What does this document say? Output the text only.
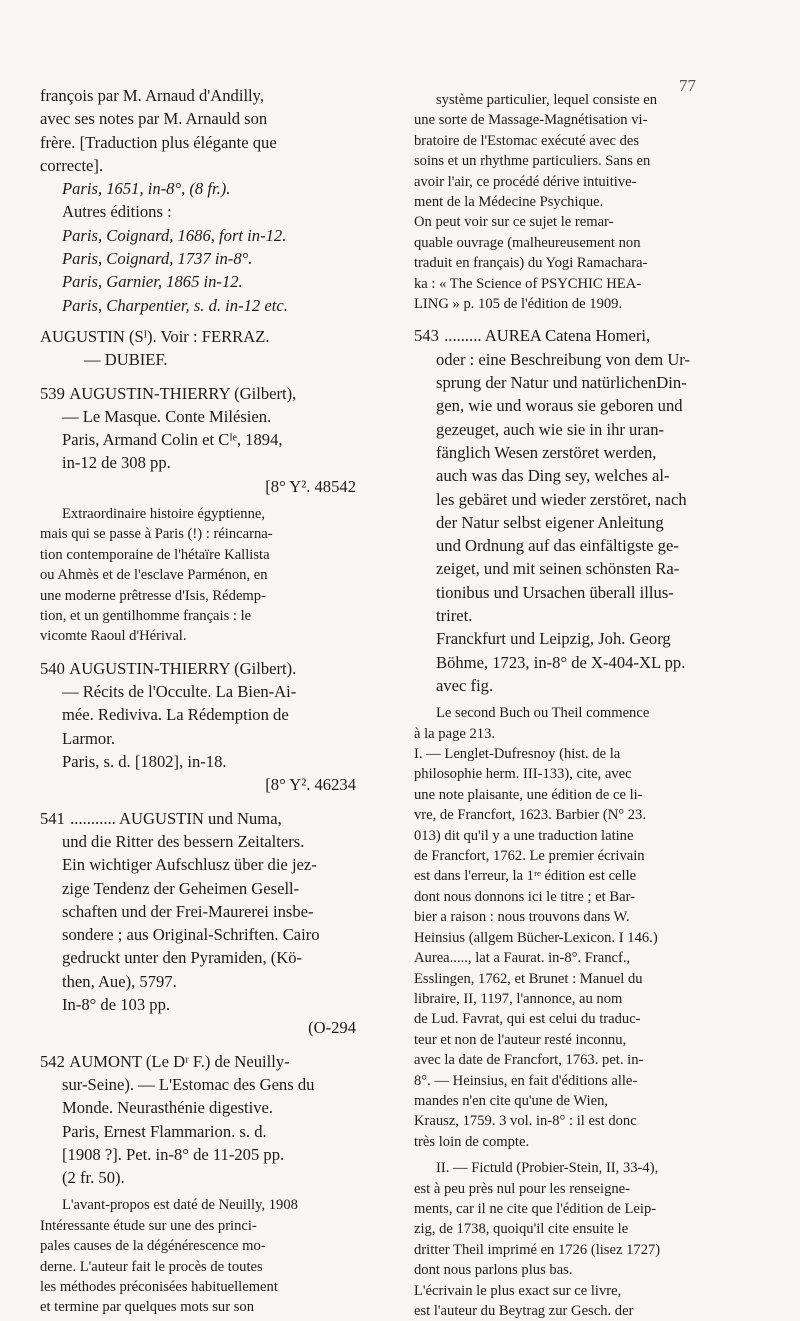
77

françois par M. Arnaud d'Andilly,

avec ses notes par M. Arnauld son

frère. [Traduction plus élégante que

correcte].

Paris, 1651, in-8°, (8 fr.).

Autres éditions :

Paris, Coignard, 1686, fort in-12.

Paris, Coignard, 1737 in-8°.

Paris, Garnier, 1865 in-12.

Paris, Charpentier, s. d. in-12 etc.

AUGUSTIN (Sᴵ). Voir : FERRAZ.

— DUBIEF.

539 AUGUSTIN-THIERRY (Gilbert),

— Le Masque. Conte Milésien.

Paris, Armand Colin et Cᴵᵉ, 1894,

in-12 de 308 pp.

[8° Y². 48542

Extraordinaire histoire égyptienne,

mais qui se passe à Paris (!) : réincarna-

tion contemporaine de l'hétaïre Kallista

ou Ahmès et de l'esclave Parménon, en

une moderne prêtresse d'Isis, Rédemp-

tion, et un gentilhomme français : le

vicomte Raoul d'Hérival.

540 AUGUSTIN-THIERRY (Gilbert).

— Récits de l'Occulte. La Bien-Ai-

mée. Rediviva. La Rédemption de

Larmor.

Paris, s. d. [1802], in-18.

[8° Y². 46234

541 ........... AUGUSTIN und Numa,

und die Ritter des bessern Zeitalters.

Ein wichtiger Aufschlusz über die jez-

zige Tendenz der Geheimen Gesell-

schaften und der Frei-Maurerei insbe-

sondere ; aus Original-Schriften. Cairo

gedruckt unter den Pyramiden, (Kö-

then, Aue), 5797.

In-8° de 103 pp.

(O-294

542 AUMONT (Le Dʳ F.) de Neuilly-

sur-Seine). — L'Estomac des Gens du

Monde. Neurasthénie digestive.

Paris, Ernest Flammarion. s. d.

[1908 ?]. Pet. in-8° de 11-205 pp.

(2 fr. 50).

L'avant-propos est daté de Neuilly, 1908

Intéressante étude sur une des princi-

pales causes de la dégénérescence mo-

derne. L'auteur fait le procès de toutes

les méthodes préconisées habituellement

et termine par quelques mots sur son

système particulier, lequel consiste en

une sorte de Massage-Magnétisation vi-

bratoire de l'Estomac exécuté avec des

soins et un rhythme particuliers. Sans en

avoir l'air, ce procédé dérive intuitive-

ment de la Médecine Psychique.

On peut voir sur ce sujet le remar-

quable ouvrage (malheureusement non

traduit en français) du Yogi Ramachara-

ka : « The Science of PSYCHIC HEA-

LING » p. 105 de l'édition de 1909.

543 ......... AUREA Catena Homeri,

oder : eine Beschreibung von dem Ur-

sprung der Natur und natürlichenDin-

gen, wie und woraus sie geboren und

gezeuget, auch wie sie in ihr uran-

fänglich Wesen zerstöret werden,

auch was das Ding sey, welches al-

les gebäret und wieder zerstöret, nach

der Natur selbst eigener Anleitung

und Ordnung auf das einfältigste ge-

zeiget, und mit seinen schönsten Ra-

tionibus und Ursachen überall illus-

triret.

Franckfurt und Leipzig, Joh. Georg

Böhme, 1723, in-8° de X-404-XL pp.

avec fig.

Le second Buch ou Theil commence

à la page 213.

I. — Lenglet-Dufresnoy (hist. de la

philosophie herm. III-133), cite, avec

une note plaisante, une édition de ce li-

vre, de Francfort, 1623. Barbier (N° 23.

013) dit qu'il y a une traduction latine

de Francfort, 1762. Le premier écrivain

est dans l'erreur, la 1ʳᵉ édition est celle

dont nous donnons ici le titre ; et Bar-

bier a raison : nous trouvons dans W.

Heinsius (allgem Bücher-Lexicon. I 146.)

Aurea....., lat a Faurat. in-8°. Francf.,

Esslingen, 1762, et Brunet : Manuel du

libraire, II, 1197, l'annonce, au nom

de Lud. Favrat, qui est celui du traduc-

teur et non de l'auteur resté inconnu,

avec la date de Francfort, 1763. pet. in-

8°. — Heinsius, en fait d'éditions alle-

mandes n'en cite qu'une de Wien,

Krausz, 1759. 3 vol. in-8° : il est donc

très loin de compte.

II. — Fictuld (Probier-Stein, II, 33-4),

est à peu près nul pour les renseigne-

ments, car il ne cite que l'édition de Leip-

zig, de 1738, quoiqu'il cite ensuite le

dritter Theil imprimé en 1726 (lisez 1727)

dont nous parlons plus bas.

L'écrivain le plus exact sur ce livre,

est l'auteur du Beytrag zur Gesch. der
